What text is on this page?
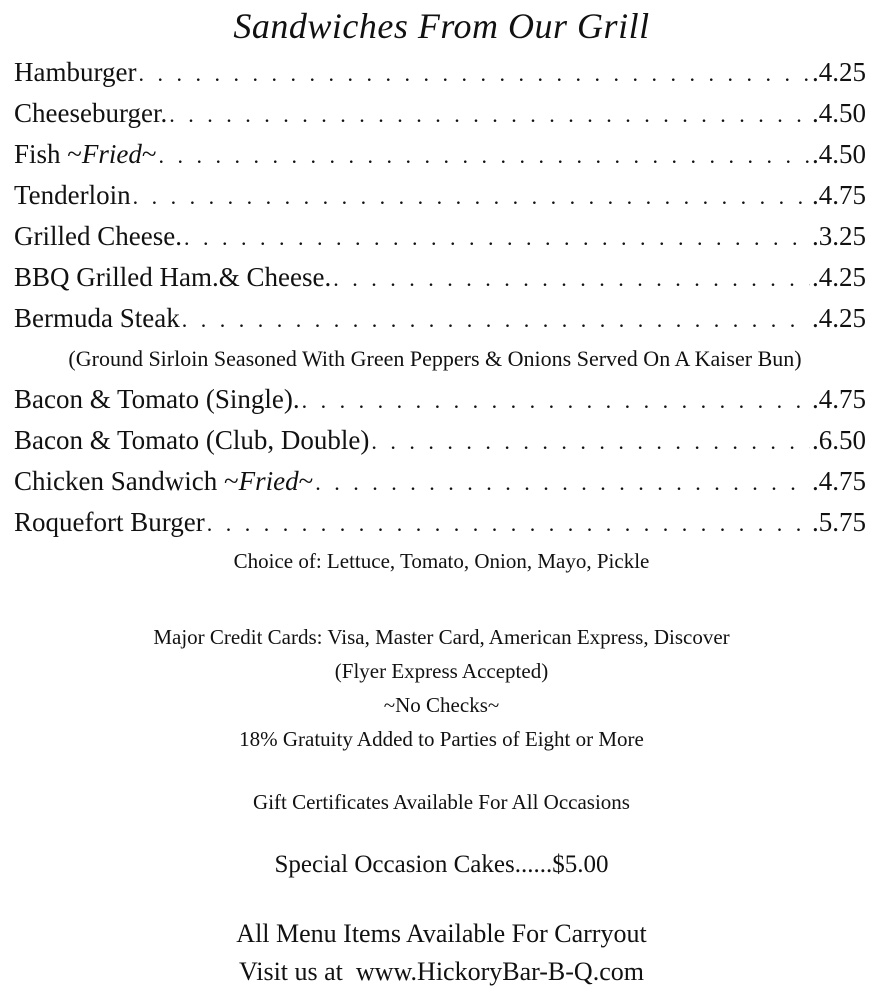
Sandwiches From Our Grill
Hamburger . . .	.4.25
Cheeseburger. . . .	.4.50
Fish ~Fried~ . . .	.4.50
Tenderloin . . .	.4.75
Grilled Cheese. . . .	.3.25
BBQ Grilled Ham.& Cheese. . . .	.4.25
Bermuda Steak . . .	.4.25
(Ground Sirloin Seasoned With Green Peppers & Onions Served On A Kaiser Bun)
Bacon & Tomato (Single). . . .	.4.75
Bacon & Tomato (Club, Double) . . .	.6.50
Chicken Sandwich ~Fried~ . . .	.4.75
Roquefort Burger . . .	.5.75
Choice of: Lettuce, Tomato, Onion, Mayo, Pickle
Major Credit Cards: Visa, Master Card, American Express, Discover
(Flyer Express Accepted)
~No Checks~
18% Gratuity Added to Parties of Eight or More
Gift Certificates Available For All Occasions
Special Occasion Cakes......$5.00
All Menu Items Available For Carryout
Visit us at  www.HickoryBar-B-Q.com
